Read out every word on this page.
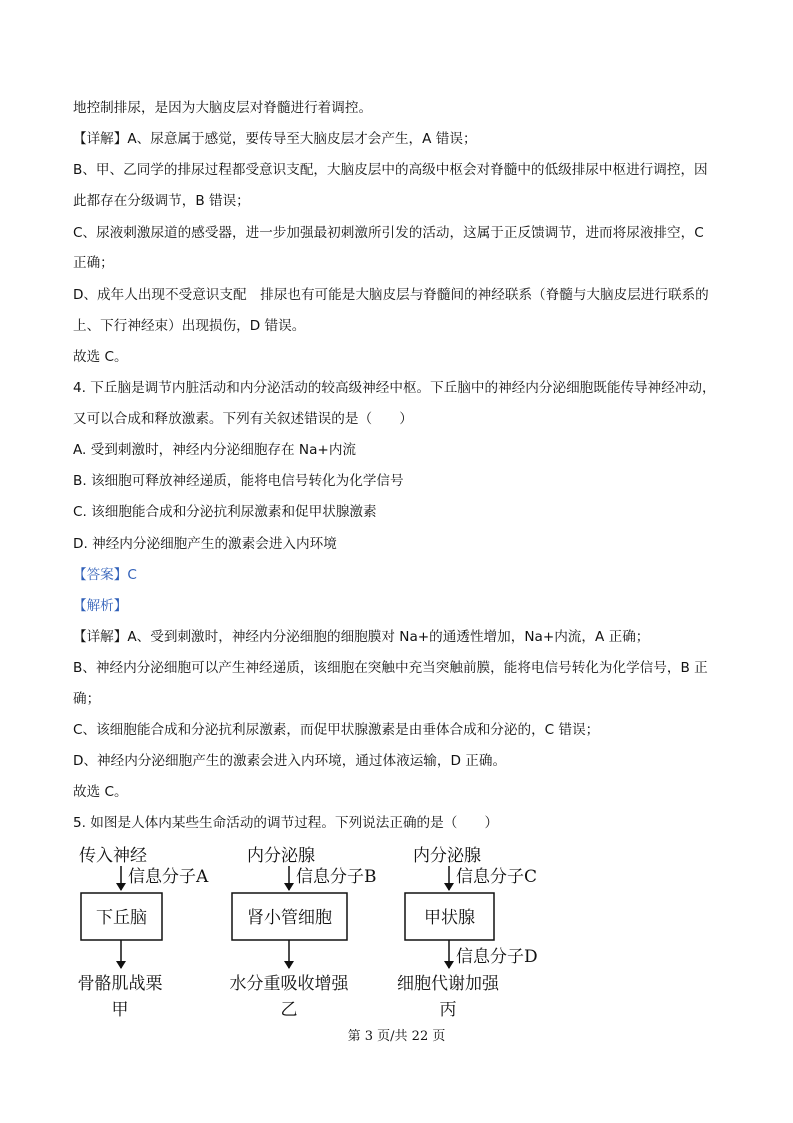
地控制排尿，是因为大脑皮层对脊髓进行着调控。
【详解】A、尿意属于感觉，要传导至大脑皮层才会产生，A 错误；
B、甲、乙同学的排尿过程都受意识支配，大脑皮层中的高级中枢会对脊髓中的低级排尿中枢进行调控，因
此都存在分级调节，B 错误；
C、尿液刺激尿道的感受器，进一步加强最初刺激所引发的活动，这属于正反馈调节，进而将尿液排空，C
正确；
D、成年人出现不受意识支配　排尿也有可能是大脑皮层与脊髓间的神经联系（脊髓与大脑皮层进行联系的
上、下行神经束）出现损伤，D 错误。
故选 C。
4. 下丘脑是调节内脏活动和内分泌活动的较高级神经中枢。下丘脑中的神经内分泌细胞既能传导神经冲动，
又可以合成和释放激素。下列有关叙述错误的是（　　）
A. 受到刺激时，神经内分泌细胞存在 Na+内流
B. 该细胞可释放神经递质，能将电信号转化为化学信号
C. 该细胞能合成和分泌抗利尿激素和促甲状腺激素
D. 神经内分泌细胞产生的激素会进入内环境
【答案】C
【解析】
【详解】A、受到刺激时，神经内分泌细胞的细胞膜对 Na+的通透性增加，Na+内流，A 正确；
B、神经内分泌细胞可以产生神经递质，该细胞在突触中充当突触前膜，能将电信号转化为化学信号，B 正
确；
C、该细胞能合成和分泌抗利尿激素，而促甲状腺激素是由垂体合成和分泌的，C 错误；
D、神经内分泌细胞产生的激素会进入内环境，通过体液运输，D 正确。
故选 C。
5. 如图是人体内某些生命活动的调节过程。下列说法正确的是（　　）
传入神经
信息分子A
下丘脑
骨骼肌战栗
甲
内分泌腺
信息分子B
肾小管细胞
水分重吸收增强
乙
内分泌腺
信息分子C
甲状腺
信息分子D
细胞代谢加强
丙
第 3 页/共 22 页
